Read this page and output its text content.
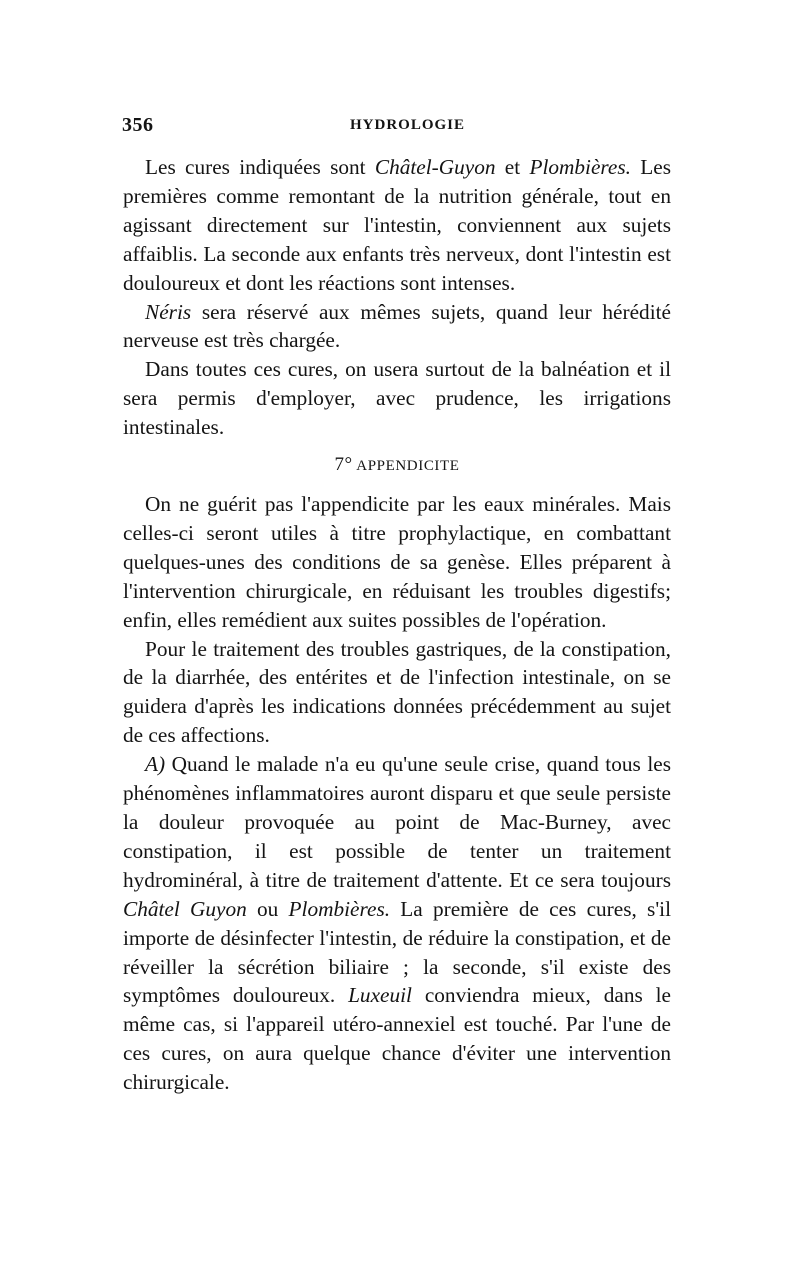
356	HYDROLOGIE

Les cures indiquées sont Châtel-Guyon et Plombières. Les premières comme remontant de la nutrition générale, tout en agissant directement sur l'intestin, conviennent aux sujets affaiblis. La seconde aux enfants très nerveux, dont l'intestin est douloureux et dont les réactions sont intenses.

Néris sera réservé aux mêmes sujets, quand leur hérédité nerveuse est très chargée.

Dans toutes ces cures, on usera surtout de la balnéation et il sera permis d'employer, avec prudence, les irrigations intestinales.

7° APPENDICITE

On ne guérit pas l'appendicite par les eaux minérales. Mais celles-ci seront utiles à titre prophylactique, en combattant quelques-unes des conditions de sa genèse. Elles préparent à l'intervention chirurgicale, en réduisant les troubles digestifs; enfin, elles remédient aux suites possibles de l'opération.

Pour le traitement des troubles gastriques, de la constipation, de la diarrhée, des entérites et de l'infection intestinale, on se guidera d'après les indications données précédemment au sujet de ces affections.

A) Quand le malade n'a eu qu'une seule crise, quand tous les phénomènes inflammatoires auront disparu et que seule persiste la douleur provoquée au point de Mac-Burney, avec constipation, il est possible de tenter un traitement hydrominéral, à titre de traitement d'attente. Et ce sera toujours Châtel Guyon ou Plombières. La première de ces cures, s'il importe de désinfecter l'intestin, de réduire la constipation, et de réveiller la sécrétion biliaire ; la seconde, s'il existe des symptômes douloureux. Luxeuil conviendra mieux, dans le même cas, si l'appareil utéro-annexiel est touché. Par l'une de ces cures, on aura quelque chance d'éviter une intervention chirurgicale.
